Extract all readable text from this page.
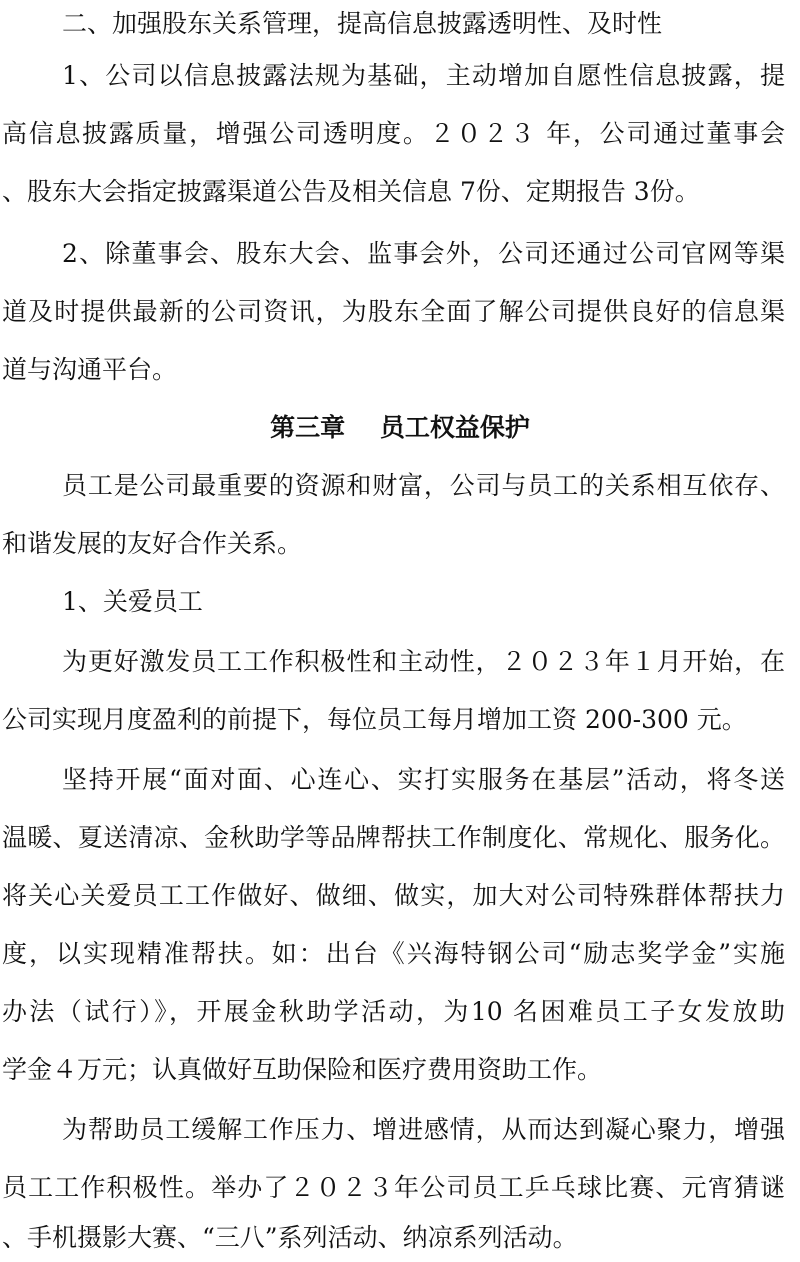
二、加强股东关系管理，提高信息披露透明性、及时性
1、公司以信息披露法规为基础，主动增加自愿性信息披露，提
高信息披露质量，增强公司透明度。２０２３ 年，公司通过董事会
、股东大会指定披露渠道公告及相关信息 7份、定期报告 3份。
2、除董事会、股东大会、监事会外，公司还通过公司官网等渠
道及时提供最新的公司资讯，为股东全面了解公司提供良好的信息渠
道与沟通平台。
第三章    员工权益保护
员工是公司最重要的资源和财富，公司与员工的关系相互依存、
和谐发展的友好合作关系。
1、关爱员工
为更好激发员工工作积极性和主动性，２０２３年１月开始，在
公司实现月度盈利的前提下，每位员工每月增加工资 200-300 元。
坚持开展“面对面、心连心、实打实服务在基层”活动，将冬送
温暖、夏送清凉、金秋助学等品牌帮扶工作制度化、常规化、服务化。
将关心关爱员工工作做好、做细、做实，加大对公司特殊群体帮扶力
度，以实现精准帮扶。如：出台《兴海特钢公司“励志奖学金”实施
办法（试行）》，开展金秋助学活动，为10 名困难员工子女发放助
学金４万元；认真做好互助保险和医疗费用资助工作。
为帮助员工缓解工作压力、增进感情，从而达到凝心聚力，增强
员工工作积极性。举办了２０２３年公司员工乒乓球比赛、元宵猜谜
、手机摄影大赛、“三八”系列活动、纳凉系列活动。
